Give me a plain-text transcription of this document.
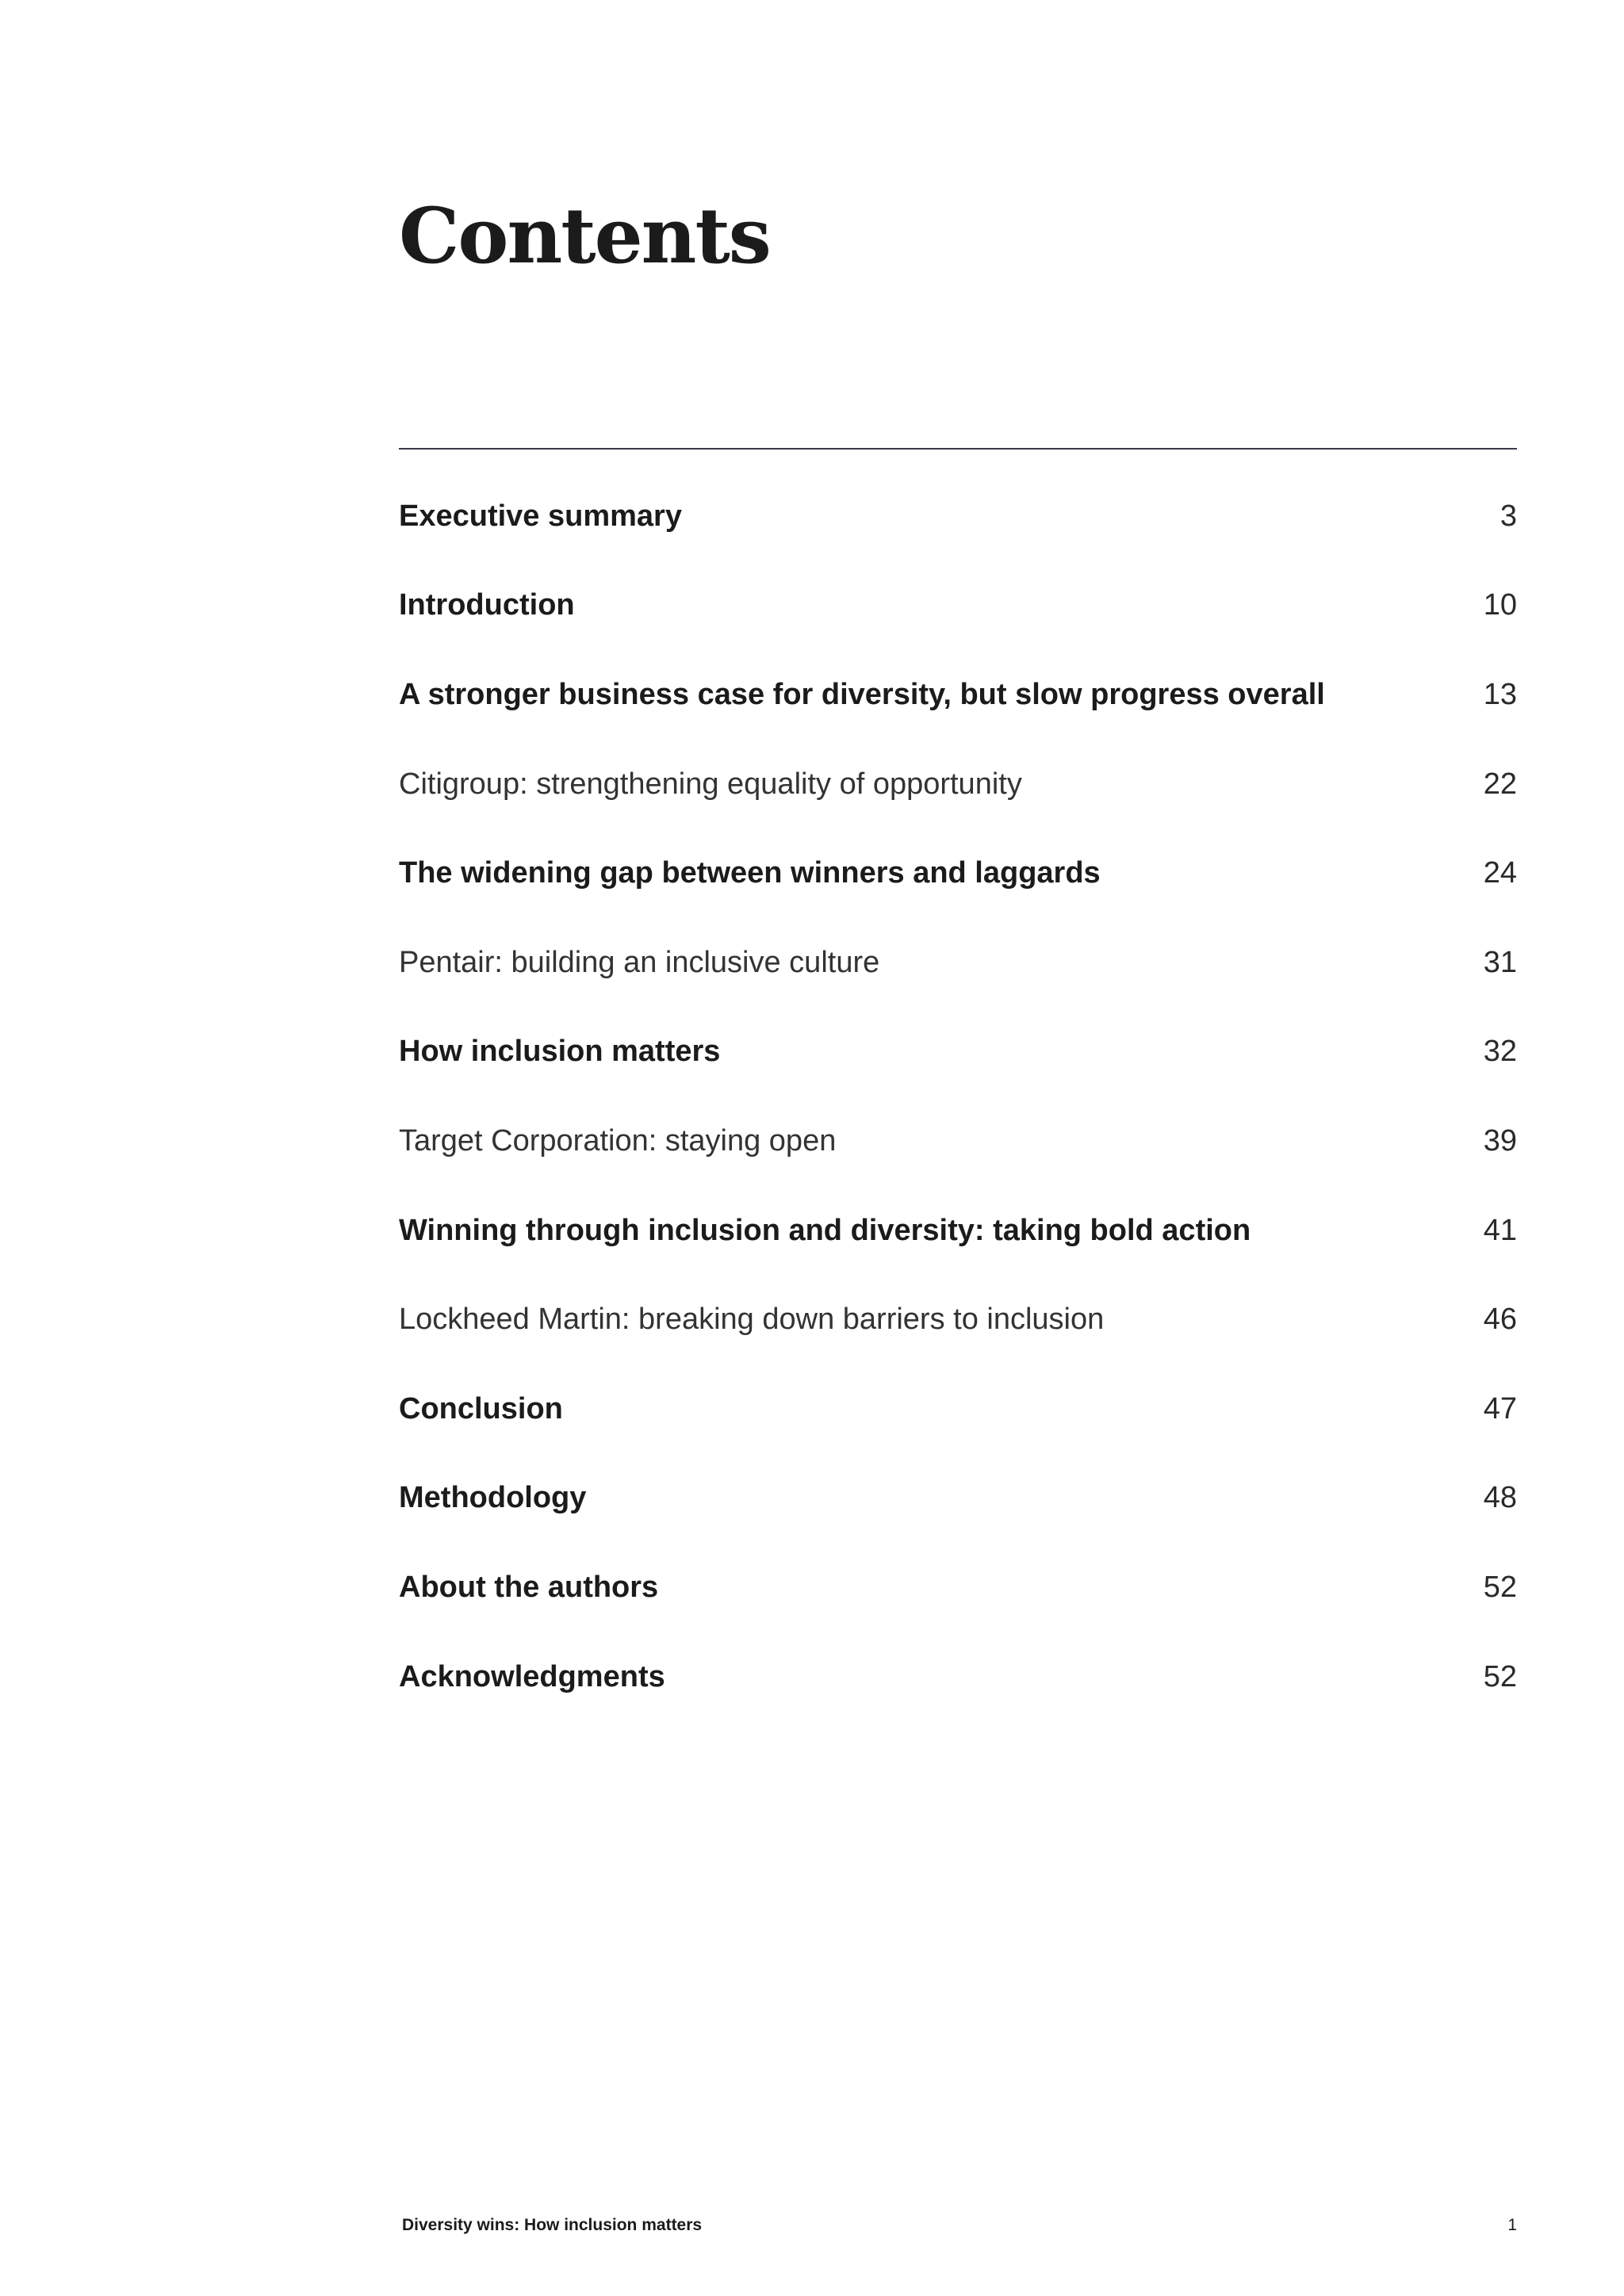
Contents
Executive summary	3
Introduction	10
A stronger business case for diversity, but slow progress overall	13
Citigroup: strengthening equality of opportunity	22
The widening gap between winners and laggards	24
Pentair: building an inclusive culture	31
How inclusion matters	32
Target Corporation: staying open	39
Winning through inclusion and diversity: taking bold action	41
Lockheed Martin: breaking down barriers to inclusion	46
Conclusion	47
Methodology	48
About the authors	52
Acknowledgments	52
Diversity wins: How inclusion matters	1
